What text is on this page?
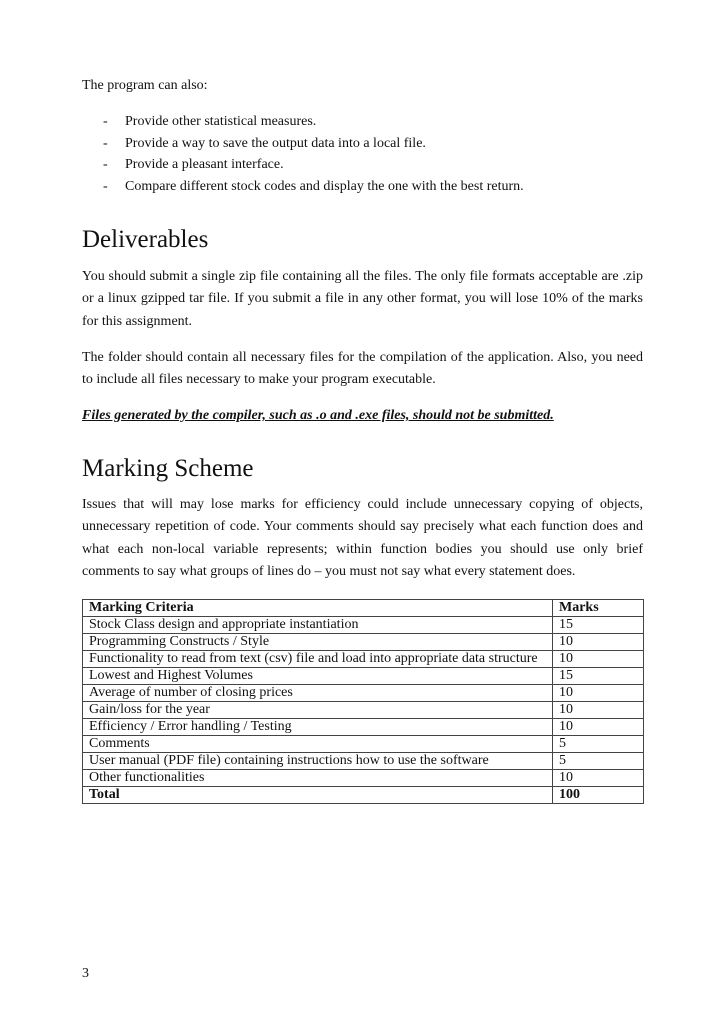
The program can also:

- Provide other statistical measures.
- Provide a way to save the output data into a local file.
- Provide a pleasant interface.
- Compare different stock codes and display the one with the best return.
Deliverables

You should submit a single zip file containing all the files. The only file formats acceptable are .zip or a linux gzipped tar file. If you submit a file in any other format, you will lose 10% of the marks for this assignment.

The folder should contain all necessary files for the compilation of the application. Also, you need to include all files necessary to make your program executable.

Files generated by the compiler, such as .o and .exe files, should not be submitted.

Marking Scheme

Issues that will may lose marks for efficiency could include unnecessary copying of objects, unnecessary repetition of code. Your comments should say precisely what each function does and what each non-local variable represents; within function bodies you should use only brief comments to say what groups of lines do – you must not say what every statement does.

Marking Criteria	Marks
Stock Class design and appropriate instantiation	15
Programming Constructs / Style	10
Functionality to read from text (csv) file and load into appropriate data structure	10
Lowest and Highest Volumes	15
Average of number of closing prices	10
Gain/loss for the year	10
Efficiency / Error handling / Testing	10
Comments	5
User manual (PDF file) containing instructions how to use the software	5
Other functionalities	10
Total	100

3
